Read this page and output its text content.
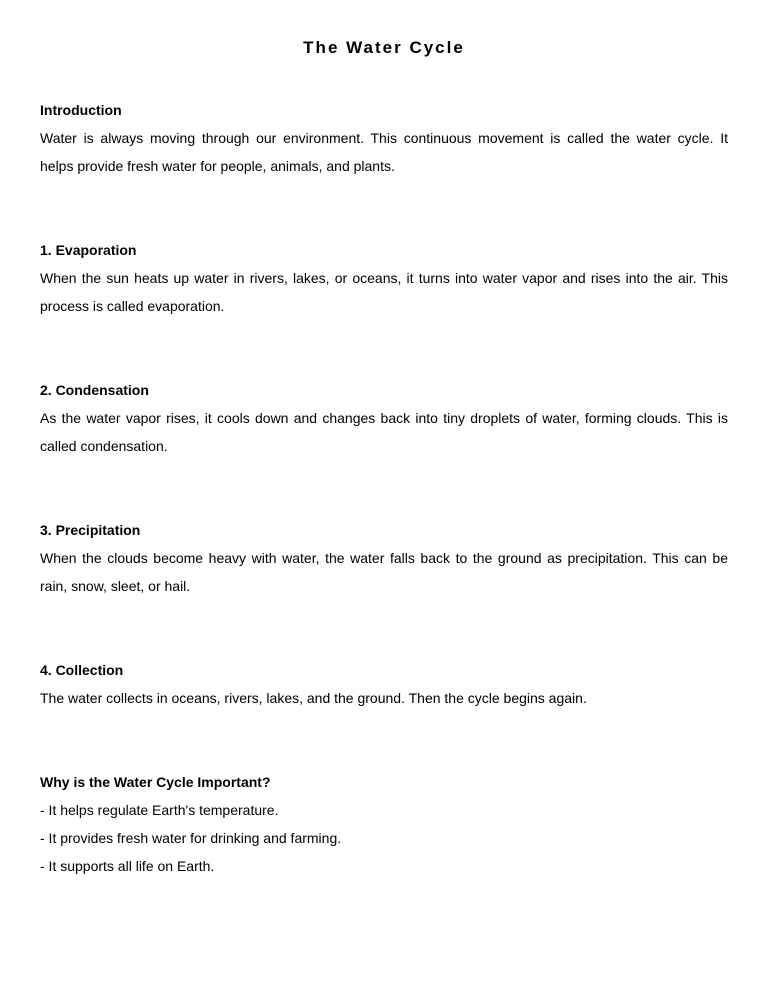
The Water Cycle
Introduction

Water is always moving through our environment. This continuous movement is called the water cycle. It
helps provide fresh water for people, animals, and plants.

1. Evaporation

When the sun heats up water in rivers, lakes, or oceans, it turns into water vapor and rises into the air. This
process is called evaporation.

2. Condensation

As the water vapor rises, it cools down and changes back into tiny droplets of water, forming clouds. This is
called condensation.

3. Precipitation

When the clouds become heavy with water, the water falls back to the ground as precipitation. This can be
rain, snow, sleet, or hail.

4. Collection

The water collects in oceans, rivers, lakes, and the ground. Then the cycle begins again.

Why is the Water Cycle Important?

- It helps regulate Earth's temperature.

- It provides fresh water for drinking and farming.

- It supports all life on Earth.
